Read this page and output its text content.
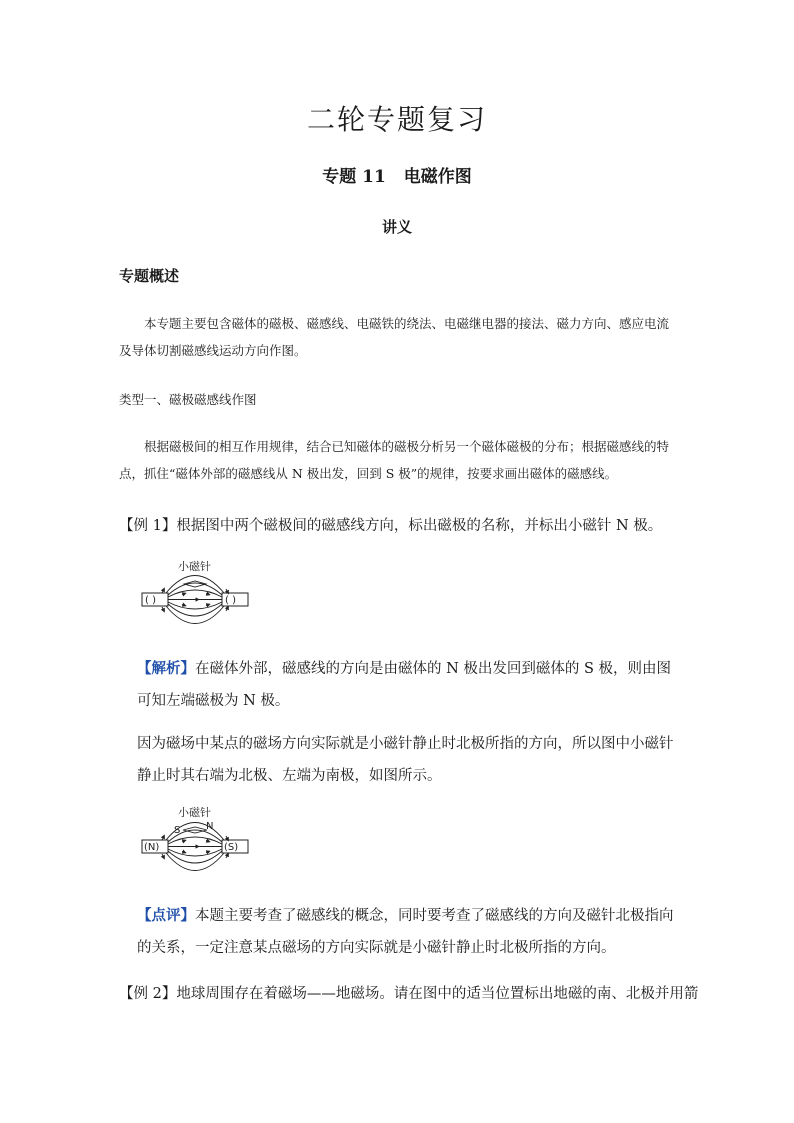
二轮专题复习
专题 11 电磁作图
讲义
专题概述
本专题主要包含磁体的磁极、磁感线、电磁铁的绕法、电磁继电器的接法、磁力方向、感应电流及导体切割磁感线运动方向作图。
类型一、磁极磁感线作图
根据磁极间的相互作用规律，结合已知磁体的磁极分析另一个磁体磁极的分布；根据磁感线的特点，抓住“磁体外部的磁感线从 N 极出发，回到 S 极”的规律，按要求画出磁体的磁感线。
【例 1】根据图中两个磁极间的磁感线方向，标出磁极的名称，并标出小磁针 N 极。
小磁针
( )	( )
【解析】在磁体外部，磁感线的方向是由磁体的 N 极出发回到磁体的 S 极，则由图可知左端磁极为 N 极。
因为磁场中某点的磁场方向实际就是小磁针静止时北极所指的方向，所以图中小磁针静止时其右端为北极、左端为南极，如图所示。
小磁针
S	N
(N)	(S)
【点评】本题主要考查了磁感线的概念，同时要考查了磁感线的方向及磁针北极指向的关系，一定注意某点磁场的方向实际就是小磁针静止时北极所指的方向。
【例 2】地球周围存在着磁场——地磁场。请在图中的适当位置标出地磁的南、北极并用箭
